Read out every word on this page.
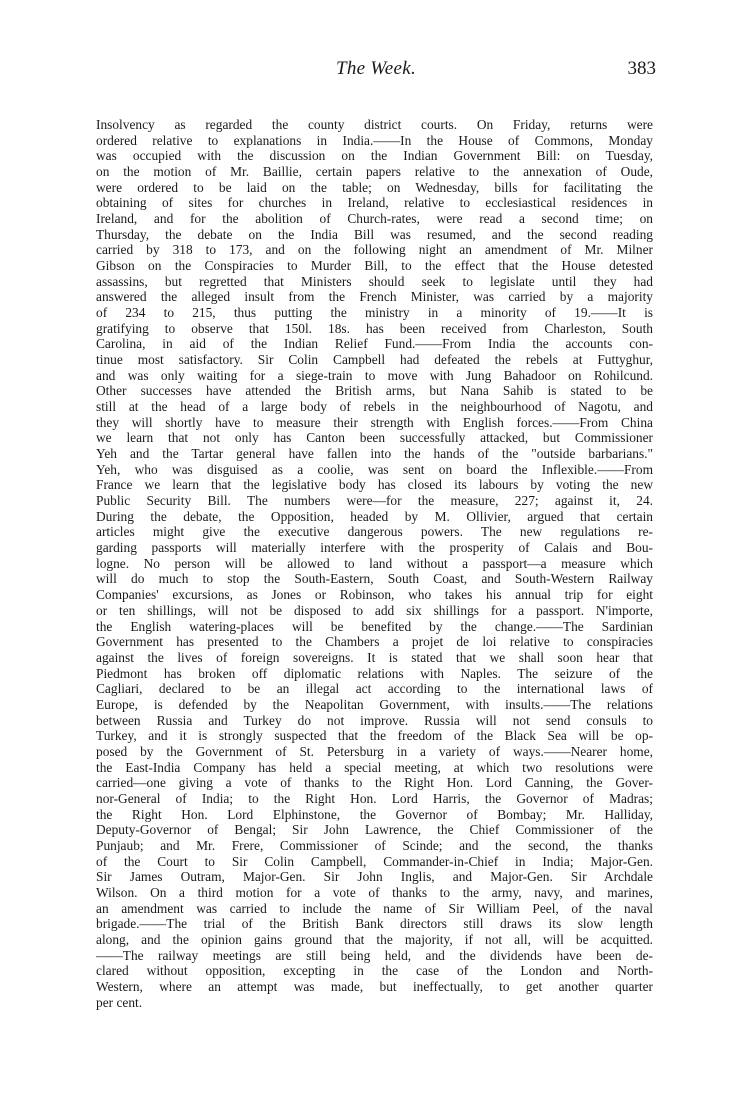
The Week.	383
Insolvency as regarded the county district courts. On Friday, returns were
ordered relative to explanations in India.——In the House of Commons, Monday
was occupied with the discussion on the Indian Government Bill: on Tuesday,
on the motion of Mr. Baillie, certain papers relative to the annexation of Oude,
were ordered to be laid on the table; on Wednesday, bills for facilitating the
obtaining of sites for churches in Ireland, relative to ecclesiastical residences in
Ireland, and for the abolition of Church-rates, were read a second time; on
Thursday, the debate on the India Bill was resumed, and the second reading
carried by 318 to 173, and on the following night an amendment of Mr. Milner
Gibson on the Conspiracies to Murder Bill, to the effect that the House detested
assassins, but regretted that Ministers should seek to legislate until they had
answered the alleged insult from the French Minister, was carried by a majority
of 234 to 215, thus putting the ministry in a minority of 19.——It is
gratifying to observe that 150l. 18s. has been received from Charleston, South
Carolina, in aid of the Indian Relief Fund.——From India the accounts con-
tinue most satisfactory. Sir Colin Campbell had defeated the rebels at Futtyghur,
and was only waiting for a siege-train to move with Jung Bahadoor on Rohilcund.
Other successes have attended the British arms, but Nana Sahib is stated to be
still at the head of a large body of rebels in the neighbourhood of Nagotu, and
they will shortly have to measure their strength with English forces.——From China
we learn that not only has Canton been successfully attacked, but Commissioner
Yeh and the Tartar general have fallen into the hands of the "outside barbarians."
Yeh, who was disguised as a coolie, was sent on board the Inflexible.——From
France we learn that the legislative body has closed its labours by voting the new
Public Security Bill. The numbers were—for the measure, 227; against it, 24.
During the debate, the Opposition, headed by M. Ollivier, argued that certain
articles might give the executive dangerous powers. The new regulations re-
garding passports will materially interfere with the prosperity of Calais and Bou-
logne. No person will be allowed to land without a passport—a measure which
will do much to stop the South-Eastern, South Coast, and South-Western Railway
Companies' excursions, as Jones or Robinson, who takes his annual trip for eight
or ten shillings, will not be disposed to add six shillings for a passport. N'importe,
the English watering-places will be benefited by the change.——The Sardinian
Government has presented to the Chambers a projet de loi relative to conspiracies
against the lives of foreign sovereigns. It is stated that we shall soon hear that
Piedmont has broken off diplomatic relations with Naples. The seizure of the
Cagliari, declared to be an illegal act according to the international laws of
Europe, is defended by the Neapolitan Government, with insults.——The relations
between Russia and Turkey do not improve. Russia will not send consuls to
Turkey, and it is strongly suspected that the freedom of the Black Sea will be op-
posed by the Government of St. Petersburg in a variety of ways.——Nearer home,
the East-India Company has held a special meeting, at which two resolutions were
carried—one giving a vote of thanks to the Right Hon. Lord Canning, the Gover-
nor-General of India; to the Right Hon. Lord Harris, the Governor of Madras;
the Right Hon. Lord Elphinstone, the Governor of Bombay; Mr. Halliday,
Deputy-Governor of Bengal; Sir John Lawrence, the Chief Commissioner of the
Punjaub; and Mr. Frere, Commissioner of Scinde; and the second, the thanks
of the Court to Sir Colin Campbell, Commander-in-Chief in India; Major-Gen.
Sir James Outram, Major-Gen. Sir John Inglis, and Major-Gen. Sir Archdale
Wilson. On a third motion for a vote of thanks to the army, navy, and marines,
an amendment was carried to include the name of Sir William Peel, of the naval
brigade.——The trial of the British Bank directors still draws its slow length
along, and the opinion gains ground that the majority, if not all, will be acquitted.
——The railway meetings are still being held, and the dividends have been de-
clared without opposition, excepting in the case of the London and North-
Western, where an attempt was made, but ineffectually, to get another quarter
per cent.
